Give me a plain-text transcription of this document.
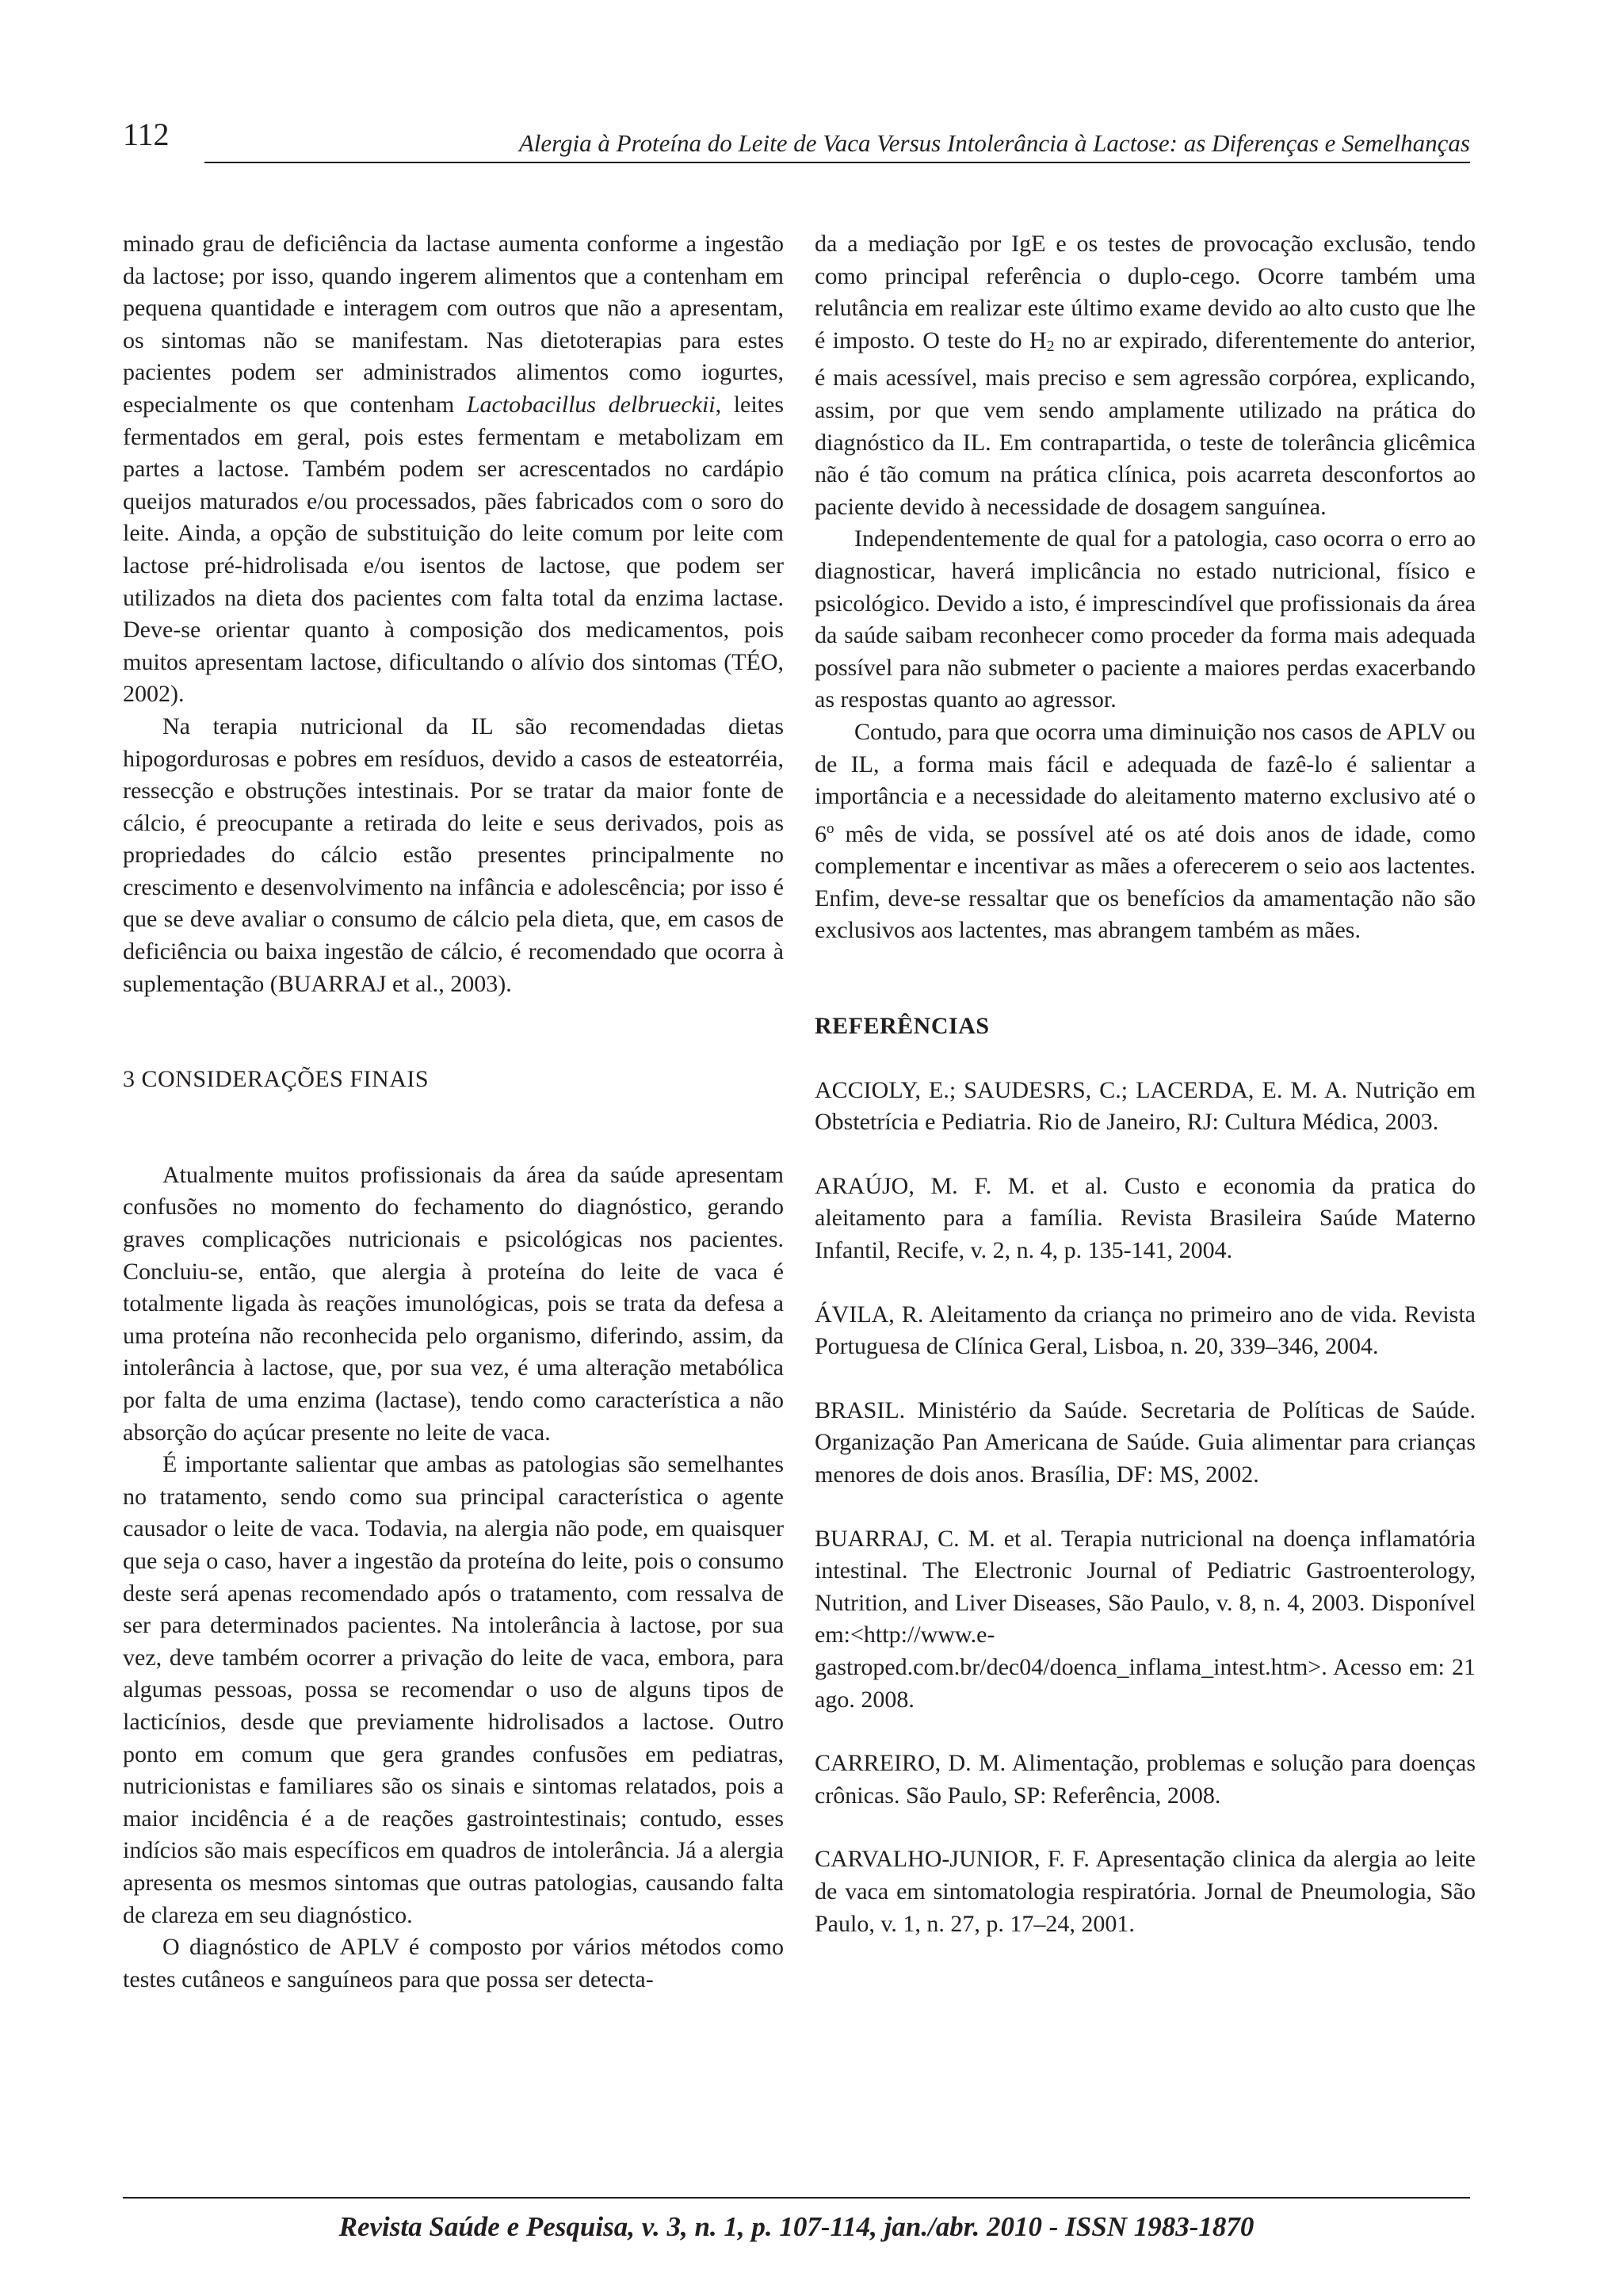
112	Alergia à Proteína do Leite de Vaca Versus Intolerância à Lactose: as Diferenças e Semelhanças

minado grau de deficiência da lactase aumenta conforme a ingestão da lactose; por isso, quando ingerem alimentos que a contenham em pequena quantidade e interagem com outros que não a apresentam, os sintomas não se manifestam. Nas dietoterapias para estes pacientes podem ser administrados alimentos como iogurtes, especialmente os que contenham Lactobacillus delbrueckii, leites fermentados em geral, pois estes fermentam e metabolizam em partes a lactose. Também podem ser acrescentados no cardápio queijos maturados e/ou processados, pães fabricados com o soro do leite. Ainda, a opção de substituição do leite comum por leite com lactose pré-hidrolisada e/ou isentos de lactose, que podem ser utilizados na dieta dos pacientes com falta total da enzima lactase. Deve-se orientar quanto à composição dos medicamentos, pois muitos apresentam lactose, dificultando o alívio dos sintomas (TÉO, 2002).

Na terapia nutricional da IL são recomendadas dietas hipogordurosas e pobres em resíduos, devido a casos de esteatorréia, ressecção e obstruções intestinais. Por se tratar da maior fonte de cálcio, é preocupante a retirada do leite e seus derivados, pois as propriedades do cálcio estão presentes principalmente no crescimento e desenvolvimento na infância e adolescência; por isso é que se deve avaliar o consumo de cálcio pela dieta, que, em casos de deficiência ou baixa ingestão de cálcio, é recomendado que ocorra à suplementação (BUARRAJ et al., 2003).

3 CONSIDERAÇÕES FINAIS

Atualmente muitos profissionais da área da saúde apresentam confusões no momento do fechamento do diagnóstico, gerando graves complicações nutricionais e psicológicas nos pacientes. Concluiu-se, então, que alergia à proteína do leite de vaca é totalmente ligada às reações imunológicas, pois se trata da defesa a uma proteína não reconhecida pelo organismo, diferindo, assim, da intolerância à lactose, que, por sua vez, é uma alteração metabólica por falta de uma enzima (lactase), tendo como característica a não absorção do açúcar presente no leite de vaca.

É importante salientar que ambas as patologias são semelhantes no tratamento, sendo como sua principal característica o agente causador o leite de vaca. Todavia, na alergia não pode, em quaisquer que seja o caso, haver a ingestão da proteína do leite, pois o consumo deste será apenas recomendado após o tratamento, com ressalva de ser para determinados pacientes. Na intolerância à lactose, por sua vez, deve também ocorrer a privação do leite de vaca, embora, para algumas pessoas, possa se recomendar o uso de alguns tipos de lacticínios, desde que previamente hidrolisados a lactose. Outro ponto em comum que gera grandes confusões em pediatras, nutricionistas e familiares são os sinais e sintomas relatados, pois a maior incidência é a de reações gastrointestinais; contudo, esses indícios são mais específicos em quadros de intolerância. Já a alergia apresenta os mesmos sintomas que outras patologias, causando falta de clareza em seu diagnóstico.

O diagnóstico de APLV é composto por vários métodos como testes cutâneos e sanguíneos para que possa ser detecta-

da a mediação por IgE e os testes de provocação exclusão, tendo como principal referência o duplo-cego. Ocorre também uma relutância em realizar este último exame devido ao alto custo que lhe é imposto. O teste do $H_2$ no ar expirado, diferentemente do anterior, é mais acessível, mais preciso e sem agressão corpórea, explicando, assim, por que vem sendo amplamente utilizado na prática do diagnóstico da IL. Em contrapartida, o teste de tolerância glicêmica não é tão comum na prática clínica, pois acarreta desconfortos ao paciente devido à necessidade de dosagem sanguínea.

Independentemente de qual for a patologia, caso ocorra o erro ao diagnosticar, haverá implicância no estado nutricional, físico e psicológico. Devido a isto, é imprescindível que profissionais da área da saúde saibam reconhecer como proceder da forma mais adequada possível para não submeter o paciente a maiores perdas exacerbando as respostas quanto ao agressor.

Contudo, para que ocorra uma diminuição nos casos de APLV ou de IL, a forma mais fácil e adequada de fazê-lo é salientar a importância e a necessidade do aleitamento materno exclusivo até o 6$^o$ mês de vida, se possível até os até dois anos de idade, como complementar e incentivar as mães a oferecerem o seio aos lactentes. Enfim, deve-se ressaltar que os benefícios da amamentação não são exclusivos aos lactentes, mas abrangem também as mães.

REFERÊNCIAS

ACCIOLY, E.; SAUDESRS, C.; LACERDA, E. M. A. Nutrição em Obstetrícia e Pediatria. Rio de Janeiro, RJ: Cultura Médica, 2003.

ARAÚJO, M. F. M. et al. Custo e economia da pratica do aleitamento para a família. Revista Brasileira Saúde Materno Infantil, Recife, v. 2, n. 4, p. 135-141, 2004.

ÁVILA, R. Aleitamento da criança no primeiro ano de vida. Revista Portuguesa de Clínica Geral, Lisboa, n. 20, 339–346, 2004.

BRASIL. Ministério da Saúde. Secretaria de Políticas de Saúde. Organização Pan Americana de Saúde. Guia alimentar para crianças menores de dois anos. Brasília, DF: MS, 2002.

BUARRAJ, C. M. et al. Terapia nutricional na doença inflamatória intestinal. The Electronic Journal of Pediatric Gastroenterology, Nutrition, and Liver Diseases, São Paulo, v. 8, n. 4, 2003. Disponível em:<http://www.e-gastroped.com.br/dec04/doenca_inflama_intest.htm>. Acesso em: 21 ago. 2008.

CARREIRO, D. M. Alimentação, problemas e solução para doenças crônicas. São Paulo, SP: Referência, 2008.

CARVALHO-JUNIOR, F. F. Apresentação clinica da alergia ao leite de vaca em sintomatologia respiratória. Jornal de Pneumologia, São Paulo, v. 1, n. 27, p. 17–24, 2001.

Revista Saúde e Pesquisa, v. 3, n. 1, p. 107-114, jan./abr. 2010 - ISSN 1983-1870
